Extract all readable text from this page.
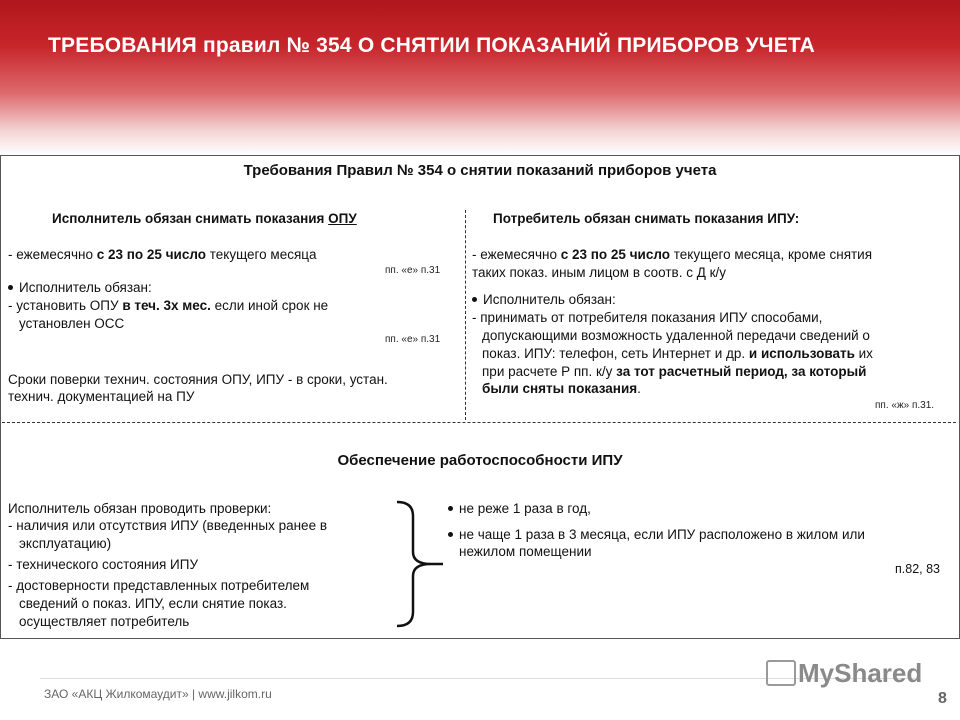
ТРЕБОВАНИЯ правил № 354 О СНЯТИИ ПОКАЗАНИЙ ПРИБОРОВ УЧЕТА
Требования Правил № 354 о снятии показаний приборов учета
Исполнитель обязан снимать показания ОПУ
- ежемесячно с 23 по 25 число текущего месяца
пп. «е» п.31
Исполнитель обязан:
- установить ОПУ в теч. 3х мес. если иной срок не
установлен ОСС
пп. «е» п.31
Сроки поверки технич. состояния ОПУ, ИПУ - в сроки, устан.
технич. документацией на ПУ
Потребитель обязан снимать показания ИПУ:
- ежемесячно с 23 по 25 число текущего месяца, кроме снятия
таких показ. иным лицом в соотв. с Д к/у
Исполнитель обязан:
- принимать от потребителя показания ИПУ способами,
допускающими возможность удаленной передачи сведений о
показ. ИПУ: телефон, сеть Интернет и др. и использовать их
при расчете Р пп. к/у за тот расчетный период, за который
были сняты показания.
пп. «ж» п.31.
Обеспечение работоспособности ИПУ
Исполнитель обязан проводить проверки:
- наличия или отсутствия ИПУ (введенных ранее в
эксплуатацию)
- технического состояния ИПУ
- достоверности представленных потребителем
сведений о показ. ИПУ, если снятие показ.
осуществляет потребитель
не реже 1 раза в год,
не чаще 1 раза в 3 месяца, если ИПУ расположено в жилом или
нежилом помещении
п.82, 83
MyShared
ЗАО «АКЦ Жилкомаудит» | www.jilkom.ru	8
